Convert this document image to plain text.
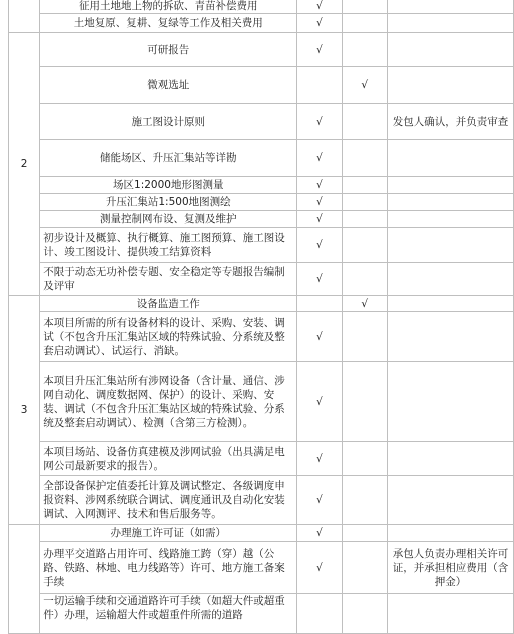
	征用土地地上物的拆砍、青苗补偿费用	√		
	土地复原、复耕、复绿等工作及相关费用	√		
2	可研报告	√		
	微观选址		√	
	施工图设计原则	√		发包人确认，并负责审查
	储能场区、升压汇集站等详勘	√		
	场区1:2000地形图测量	√		
	升压汇集站1:500地图测绘	√		
	测量控制网布设、复测及维护	√		
	初步设计及概算、执行概算、施工图预算、施工图设计、竣工图设计、提供竣工结算资料	√		
	不限于动态无功补偿专题、安全稳定等专题报告编制及评审	√		
3	设备监造工作		√	
	本项目所需的所有设备材料的设计、采购、安装、调试（不包含升压汇集站区域的特殊试验、分系统及整套启动调试）、试运行、消缺。	√		
	本项目升压汇集站所有涉网设备（含计量、通信、涉网自动化、调度数据网、保护）的设计、采购、安装、调试（不包含升压汇集站区域的特殊试验、分系统及整套启动调试）、检测（含第三方检测）。	√		
	本项目场站、设备仿真建模及涉网试验（出具满足电网公司最新要求的报告）。	√		
	全部设备保护定值委托计算及调试整定、各级调度申报资料、涉网系统联合调试、调度通讯及自动化安装调试、入网测评、技术和售后服务等。	√		
	办理施工许可证（如需）	√		
	办理平交道路占用许可、线路施工跨（穿）越（公路、铁路、林地、电力线路等）许可、地方施工备案手续	√		承包人负责办理相关许可证，并承担相应费用（含押金）
	一切运输手续和交通道路许可手续（如超大件或超重件）办理，运输超大件或超重件所需的道路			
